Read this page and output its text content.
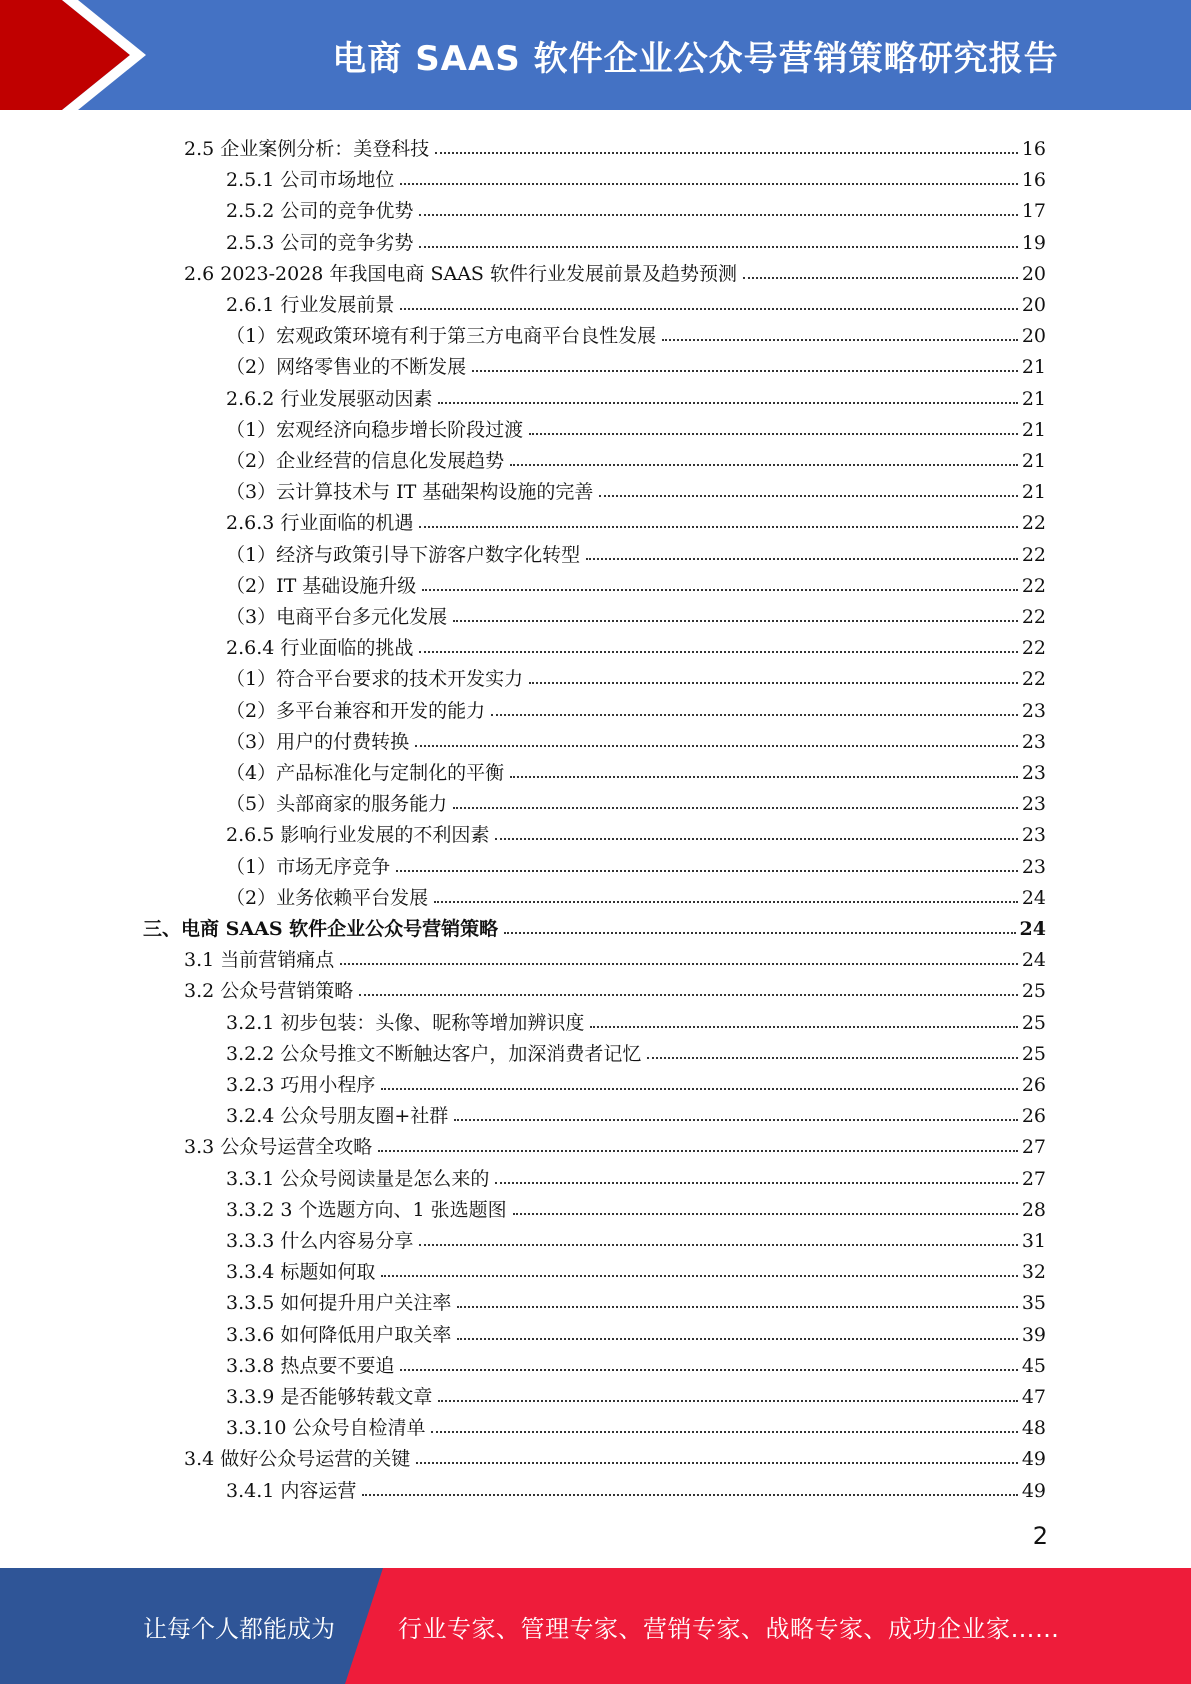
电商 SAAS 软件企业公众号营销策略研究报告
2.5 企业案例分析：美登科技	16
2.5.1 公司市场地位	16
2.5.2 公司的竞争优势	17
2.5.3 公司的竞争劣势	19
2.6 2023-2028 年我国电商 SAAS 软件行业发展前景及趋势预测	20
2.6.1 行业发展前景	20
（1）宏观政策环境有利于第三方电商平台良性发展	20
（2）网络零售业的不断发展	21
2.6.2 行业发展驱动因素	21
（1）宏观经济向稳步增长阶段过渡	21
（2）企业经营的信息化发展趋势	21
（3）云计算技术与 IT 基础架构设施的完善	21
2.6.3 行业面临的机遇	22
（1）经济与政策引导下游客户数字化转型	22
（2）IT 基础设施升级	22
（3）电商平台多元化发展	22
2.6.4 行业面临的挑战	22
（1）符合平台要求的技术开发实力	22
（2）多平台兼容和开发的能力	23
（3）用户的付费转换	23
（4）产品标准化与定制化的平衡	23
（5）头部商家的服务能力	23
2.6.5 影响行业发展的不利因素	23
（1）市场无序竞争	23
（2）业务依赖平台发展	24
三、电商 SAAS 软件企业公众号营销策略	24
3.1 当前营销痛点	24
3.2 公众号营销策略	25
3.2.1 初步包装：头像、昵称等增加辨识度	25
3.2.2 公众号推文不断触达客户，加深消费者记忆	25
3.2.3 巧用小程序	26
3.2.4 公众号朋友圈+社群	26
3.3 公众号运营全攻略	27
3.3.1 公众号阅读量是怎么来的	27
3.3.2 3 个选题方向、1 张选题图	28
3.3.3 什么内容易分享	31
3.3.4 标题如何取	32
3.3.5 如何提升用户关注率	35
3.3.6 如何降低用户取关率	39
3.3.8 热点要不要追	45
3.3.9 是否能够转载文章	47
3.3.10 公众号自检清单	48
3.4 做好公众号运营的关键	49
3.4.1 内容运营	49
2
让每个人都能成为	行业专家、管理专家、营销专家、战略专家、成功企业家……
